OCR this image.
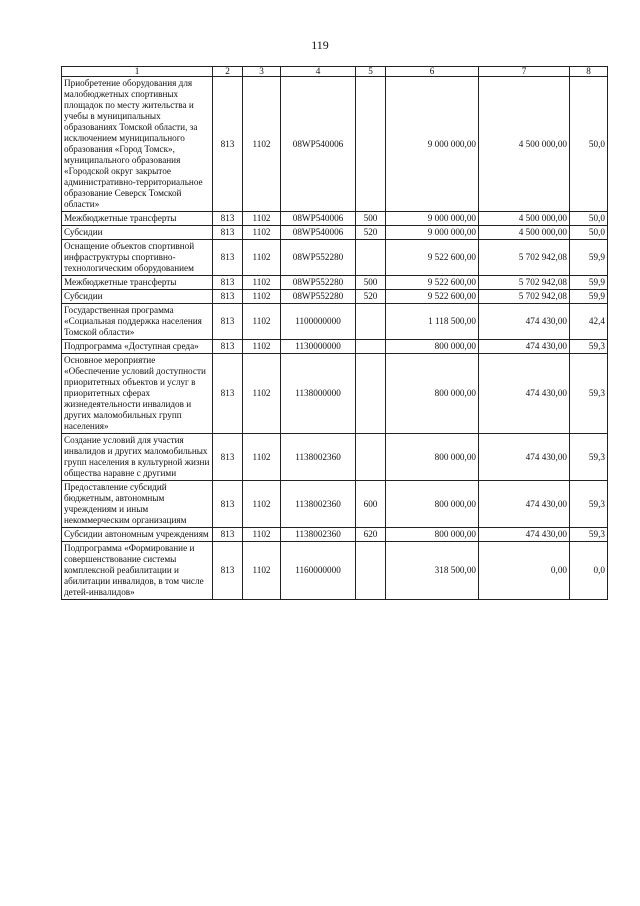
119
1	2	3	4	5	6	7	8
Приобретение оборудования для малобюджетных спортивных площадок по месту жительства и учебы в муниципальных образованиях Томской области, за исключением муниципального образования «Город Томск», муниципального образования «Городской округ закрытое административно-территориальное образование Северск Томской области»	813	1102	08WP540006		9 000 000,00	4 500 000,00	50,0
Межбюджетные трансферты	813	1102	08WP540006	500	9 000 000,00	4 500 000,00	50,0
Субсидии	813	1102	08WP540006	520	9 000 000,00	4 500 000,00	50,0
Оснащение объектов спортивной инфраструктуры спортивно-технологическим оборудованием	813	1102	08WP552280		9 522 600,00	5 702 942,08	59,9
Межбюджетные трансферты	813	1102	08WP552280	500	9 522 600,00	5 702 942,08	59,9
Субсидии	813	1102	08WP552280	520	9 522 600,00	5 702 942,08	59,9
Государственная программа «Социальная поддержка населения Томской области»	813	1102	1100000000		1 118 500,00	474 430,00	42,4
Подпрограмма «Доступная среда»	813	1102	1130000000		800 000,00	474 430,00	59,3
Основное мероприятие «Обеспечение условий доступности приоритетных объектов и услуг в приоритетных сферах жизнедеятельности инвалидов и других маломобильных групп населения»	813	1102	1138000000		800 000,00	474 430,00	59,3
Создание условий для участия инвалидов и других маломобильных групп населения в культурной жизни общества наравне с другими	813	1102	1138002360		800 000,00	474 430,00	59,3
Предоставление субсидий бюджетным, автономным учреждениям и иным некоммерческим организациям	813	1102	1138002360	600	800 000,00	474 430,00	59,3
Субсидии автономным учреждениям	813	1102	1138002360	620	800 000,00	474 430,00	59,3
Подпрограмма «Формирование и совершенствование системы комплексной реабилитации и абилитации инвалидов, в том числе детей-инвалидов»	813	1102	1160000000		318 500,00	0,00	0,0
